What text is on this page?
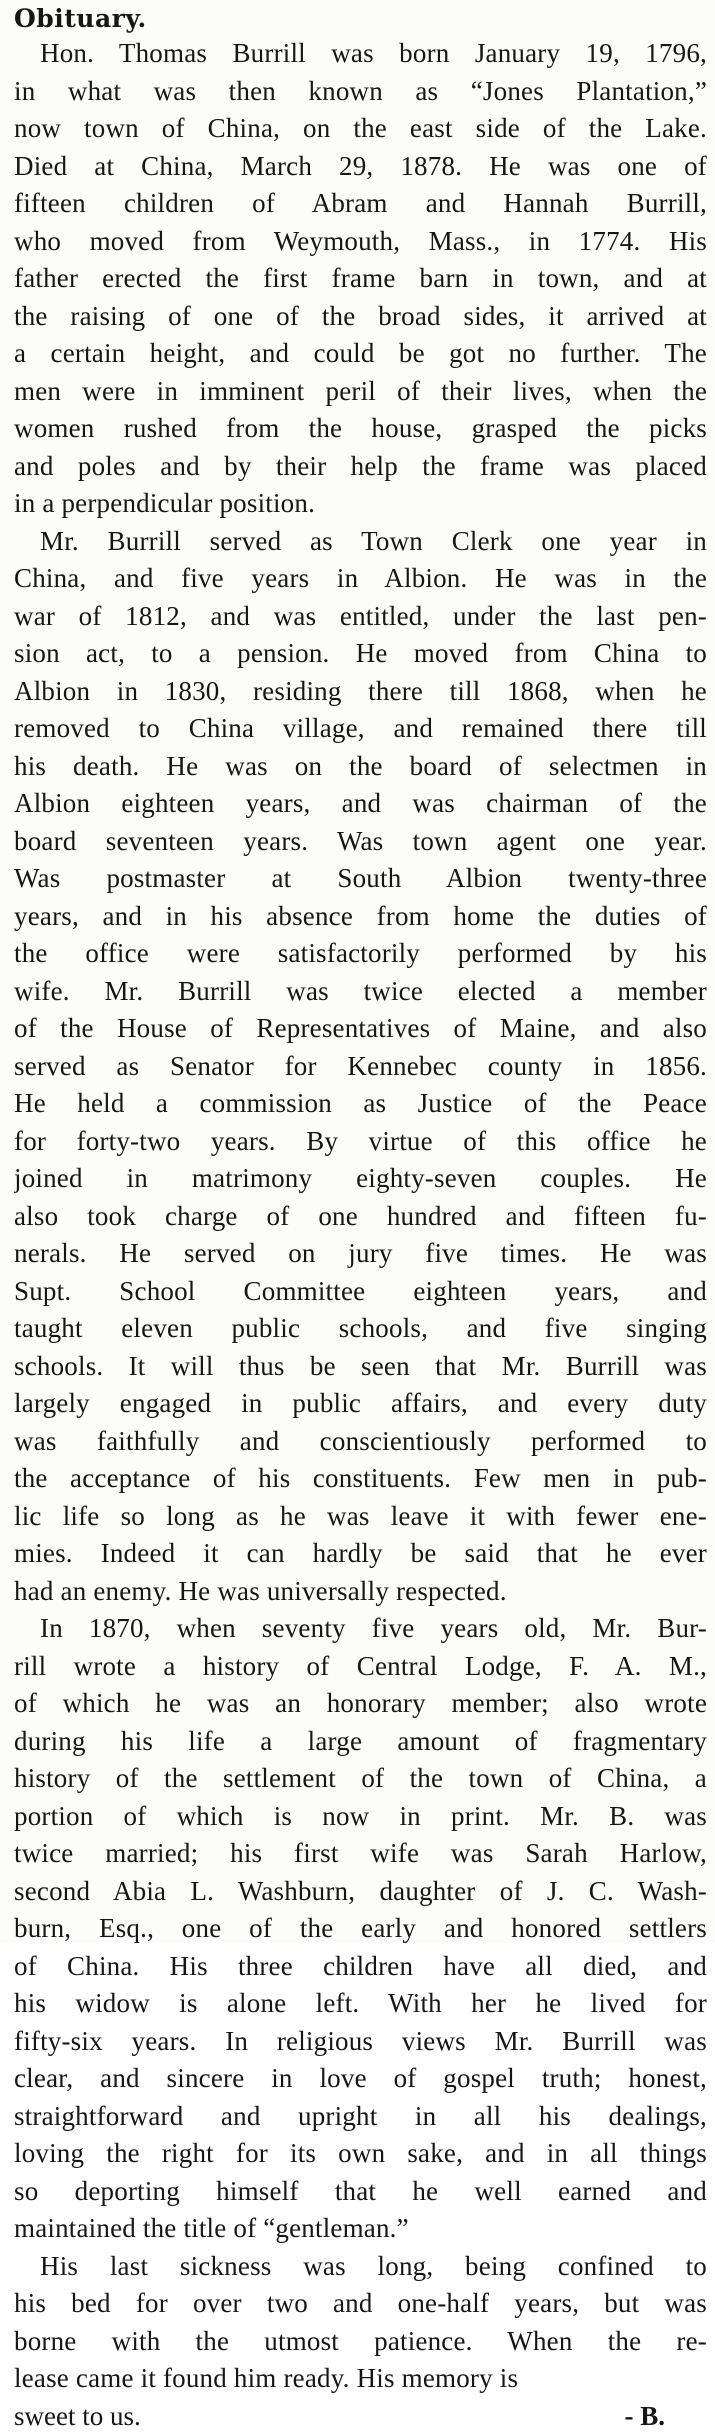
Obituary.
Hon. Thomas Burrill was born January 19, 1796,
in what was then known as “Jones Plantation,”
now town of China, on the east side of the Lake.
Died at China, March 29, 1878. He was one of
fifteen children of Abram and Hannah Burrill,
who moved from Weymouth, Mass., in 1774. His
father erected the first frame barn in town, and at
the raising of one of the broad sides, it arrived at
a certain height, and could be got no further. The
men were in imminent peril of their lives, when the
women rushed from the house, grasped the picks
and poles and by their help the frame was placed
in a perpendicular position.
Mr. Burrill served as Town Clerk one year in
China, and five years in Albion. He was in the
war of 1812, and was entitled, under the last pen-
sion act, to a pension. He moved from China to
Albion in 1830, residing there till 1868, when he
removed to China village, and remained there till
his death. He was on the board of selectmen in
Albion eighteen years, and was chairman of the
board seventeen years. Was town agent one year.
Was postmaster at South Albion twenty-three
years, and in his absence from home the duties of
the office were satisfactorily performed by his
wife. Mr. Burrill was twice elected a member
of the House of Representatives of Maine, and also
served as Senator for Kennebec county in 1856.
He held a commission as Justice of the Peace
for forty-two years. By virtue of this office he
joined in matrimony eighty-seven couples. He
also took charge of one hundred and fifteen fu-
nerals. He served on jury five times. He was
Supt. School Committee eighteen years, and
taught eleven public schools, and five singing
schools. It will thus be seen that Mr. Burrill was
largely engaged in public affairs, and every duty
was faithfully and conscientiously performed to
the acceptance of his constituents. Few men in pub-
lic life so long as he was leave it with fewer ene-
mies. Indeed it can hardly be said that he ever
had an enemy. He was universally respected.
In 1870, when seventy five years old, Mr. Bur-
rill wrote a history of Central Lodge, F. A. M.,
of which he was an honorary member; also wrote
during his life a large amount of fragmentary
history of the settlement of the town of China, a
portion of which is now in print. Mr. B. was
twice married; his first wife was Sarah Harlow,
second Abia L. Washburn, daughter of J. C. Wash-
burn, Esq., one of the early and honored settlers
of China. His three children have all died, and
his widow is alone left. With her he lived for
fifty-six years. In religious views Mr. Burrill was
clear, and sincere in love of gospel truth; honest,
straightforward and upright in all his dealings,
loving the right for its own sake, and in all things
so deporting himself that he well earned and
maintained the title of “gentleman.”
His last sickness was long, being confined to
his bed for over two and one-half years, but was
borne with the utmost patience. When the re-
lease came it found him ready. His memory is
sweet to us.	- B.
